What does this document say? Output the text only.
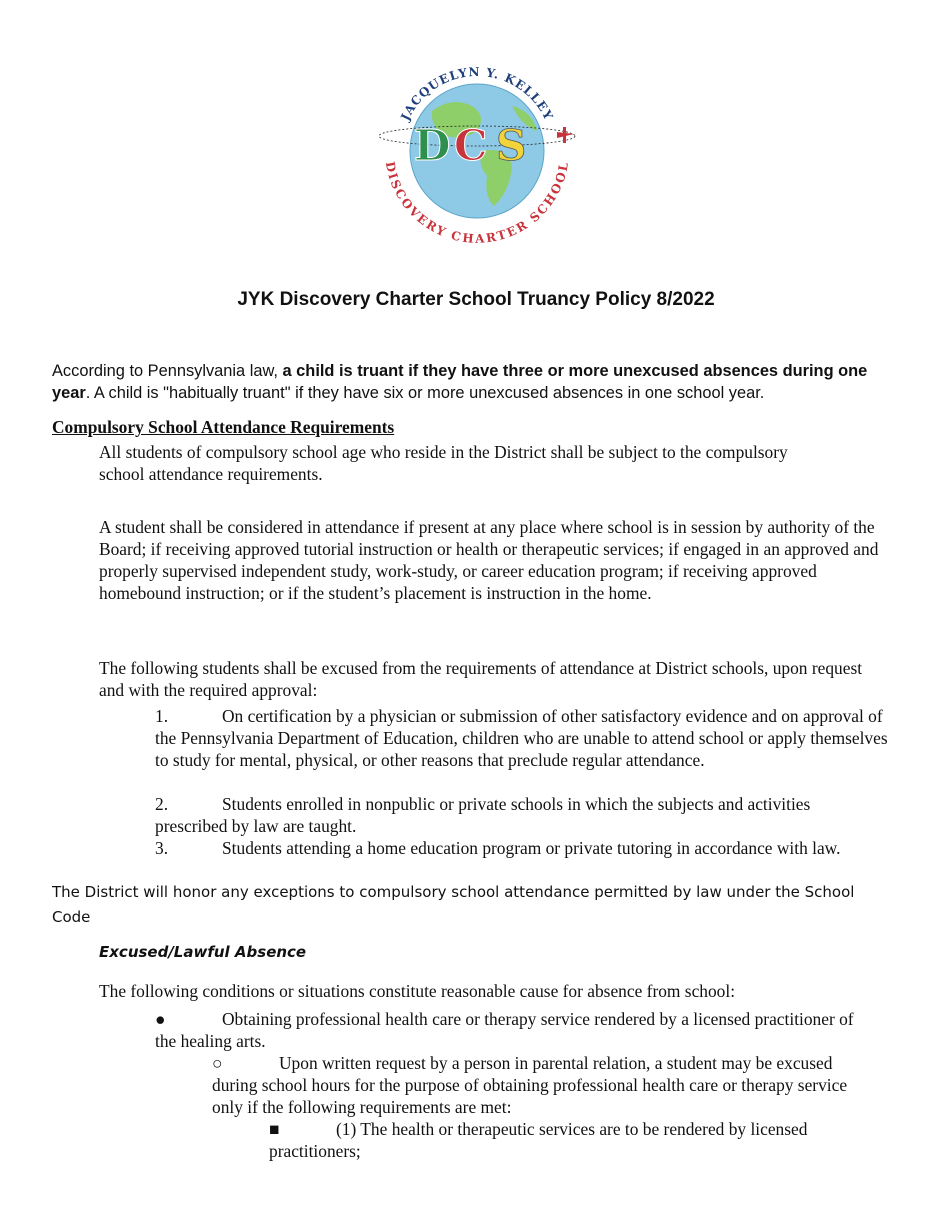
D C S
JACQUELYN Y. KELLEY
DISCOVERY CHARTER SCHOOL
JYK Discovery Charter School Truancy Policy 8/2022
According to Pennsylvania law, a child is truant if they have three or more unexcused absences during one year. A child is "habitually truant" if they have six or more unexcused absences in one school year.
Compulsory School Attendance Requirements
All students of compulsory school age who reside in the District shall be subject to the compulsory school attendance requirements.
A student shall be considered in attendance if present at any place where school is in session by authority of the Board; if receiving approved tutorial instruction or health or therapeutic services; if engaged in an approved and properly supervised independent study, work-study, or career education program; if receiving approved homebound instruction; or if the student’s placement is instruction in the home.
The following students shall be excused from the requirements of attendance at District schools, upon request and with the required approval:
1.	On certification by a physician or submission of other satisfactory evidence and on approval of the Pennsylvania Department of Education, children who are unable to attend school or apply themselves to study for mental, physical, or other reasons that preclude regular attendance.
2.	Students enrolled in nonpublic or private schools in which the subjects and activities prescribed by law are taught.
3.	Students attending a home education program or private tutoring in accordance with law.
The District will honor any exceptions to compulsory school attendance permitted by law under the School Code
Excused/Lawful Absence
The following conditions or situations constitute reasonable cause for absence from school:
●	Obtaining professional health care or therapy service rendered by a licensed practitioner of the healing arts.
○	Upon written request by a person in parental relation, a student may be excused during school hours for the purpose of obtaining professional health care or therapy service only if the following requirements are met:
■	(1) The health or therapeutic services are to be rendered by licensed practitioners;
